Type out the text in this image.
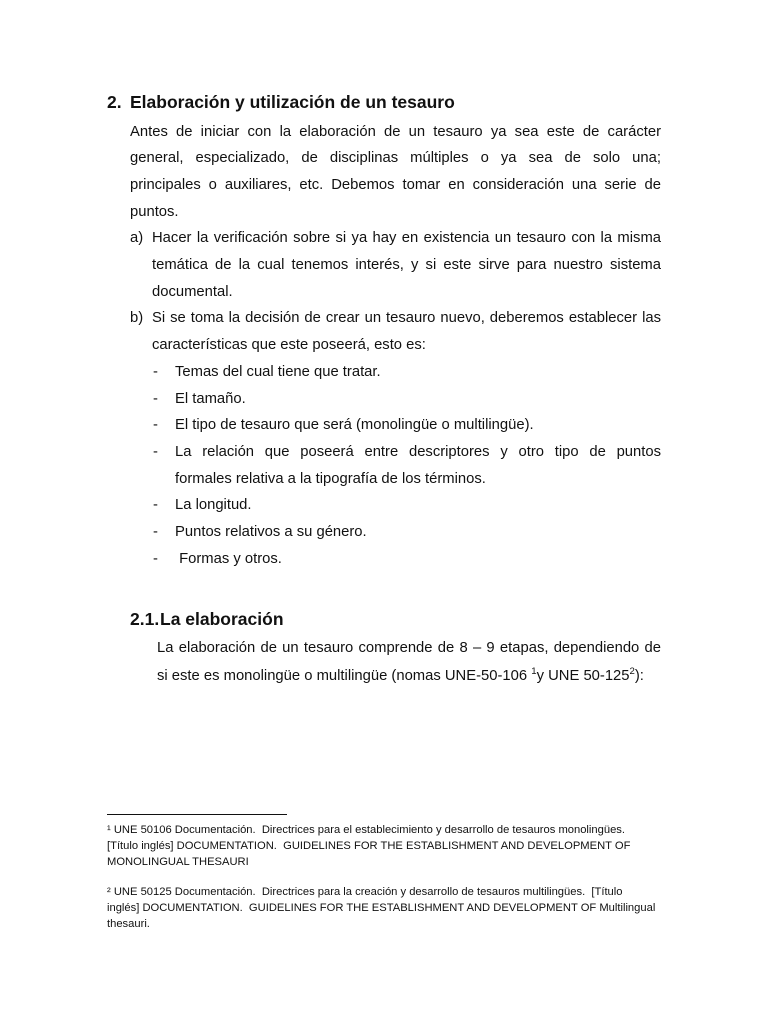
2. Elaboración y utilización de un tesauro
Antes de iniciar con la elaboración de un tesauro ya sea este de carácter
general, especializado, de disciplinas múltiples o ya sea de solo una;
principales o auxiliares, etc. Debemos tomar en consideración una serie de
puntos.
a) Hacer la verificación sobre si ya hay en existencia un tesauro con la misma
temática de la cual tenemos interés, y si este sirve para nuestro sistema
documental.
b) Si se toma la decisión de crear un tesauro nuevo, deberemos establecer las
características que este poseerá, esto es:
- Temas del cual tiene que tratar.
- El tamaño.
- El tipo de tesauro que será (monolingüe o multilingüe).
- La relación que poseerá entre descriptores y otro tipo de puntos
formales relativa a la tipografía de los términos.
- La longitud.
- Puntos relativos a su género.
- Formas y otros.
2.1.La elaboración
La elaboración de un tesauro comprende de 8 – 9 etapas, dependiendo de
si este es monolingüe o multilingüe (nomas UNE-50-106 $^1$y UNE $50-125^2$):
¹ UNE 50106 Documentación.  Directrices para el establecimiento y desarrollo de tesauros monolingües.
[Título inglés] DOCUMENTATION.  GUIDELINES FOR THE ESTABLISHMENT AND DEVELOPMENT OF
MONOLINGUAL THESAURI
² UNE 50125 Documentación.  Directrices para la creación y desarrollo de tesauros multilingües.  [Título
inglés] DOCUMENTATION.  GUIDELINES FOR THE ESTABLISHMENT AND DEVELOPMENT OF Multilingual
thesauri.
